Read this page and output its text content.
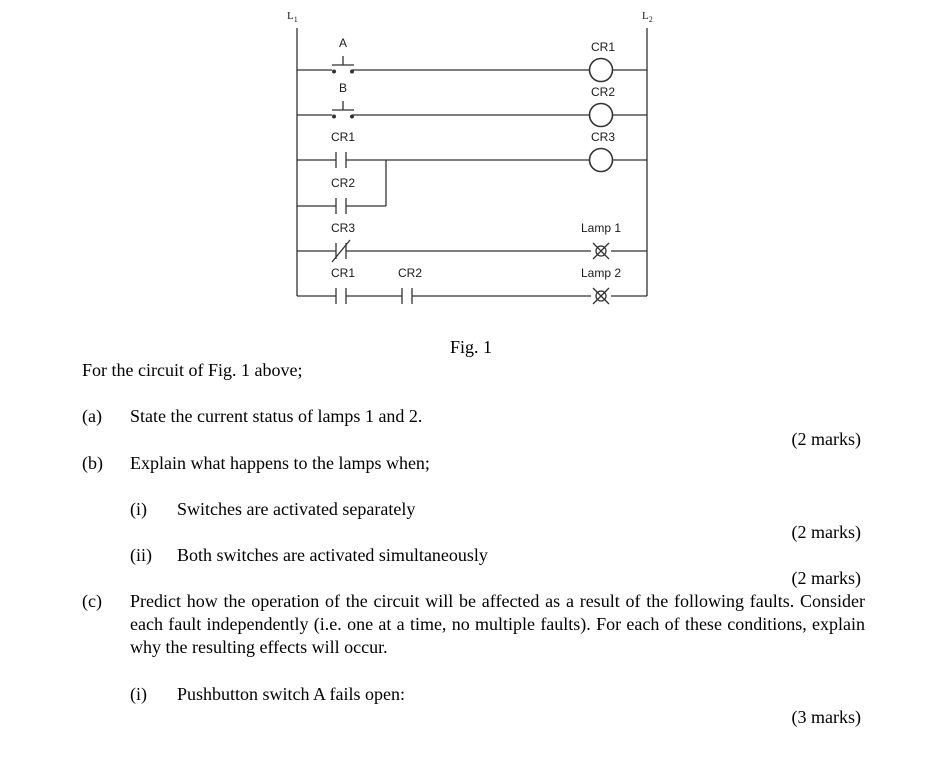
$L_1$	$L_2$
A
B
CR1
CR2
CR3
CR1	CR2
CR1
CR2
CR3
Lamp 1
Lamp 2
Fig. 1
For the circuit of Fig. 1 above;
(a) State the current status of lamps 1 and 2.
(2 marks)
(b) Explain what happens to the lamps when;
(i) Switches are activated separately
(2 marks)
(ii) Both switches are activated simultaneously
(2 marks)
(c) Predict how the operation of the circuit will be affected as a result of the following faults. Consider each fault independently (i.e. one at a time, no multiple faults). For each of these conditions, explain why the resulting effects will occur.
(i) Pushbutton switch A fails open:
(3 marks)
